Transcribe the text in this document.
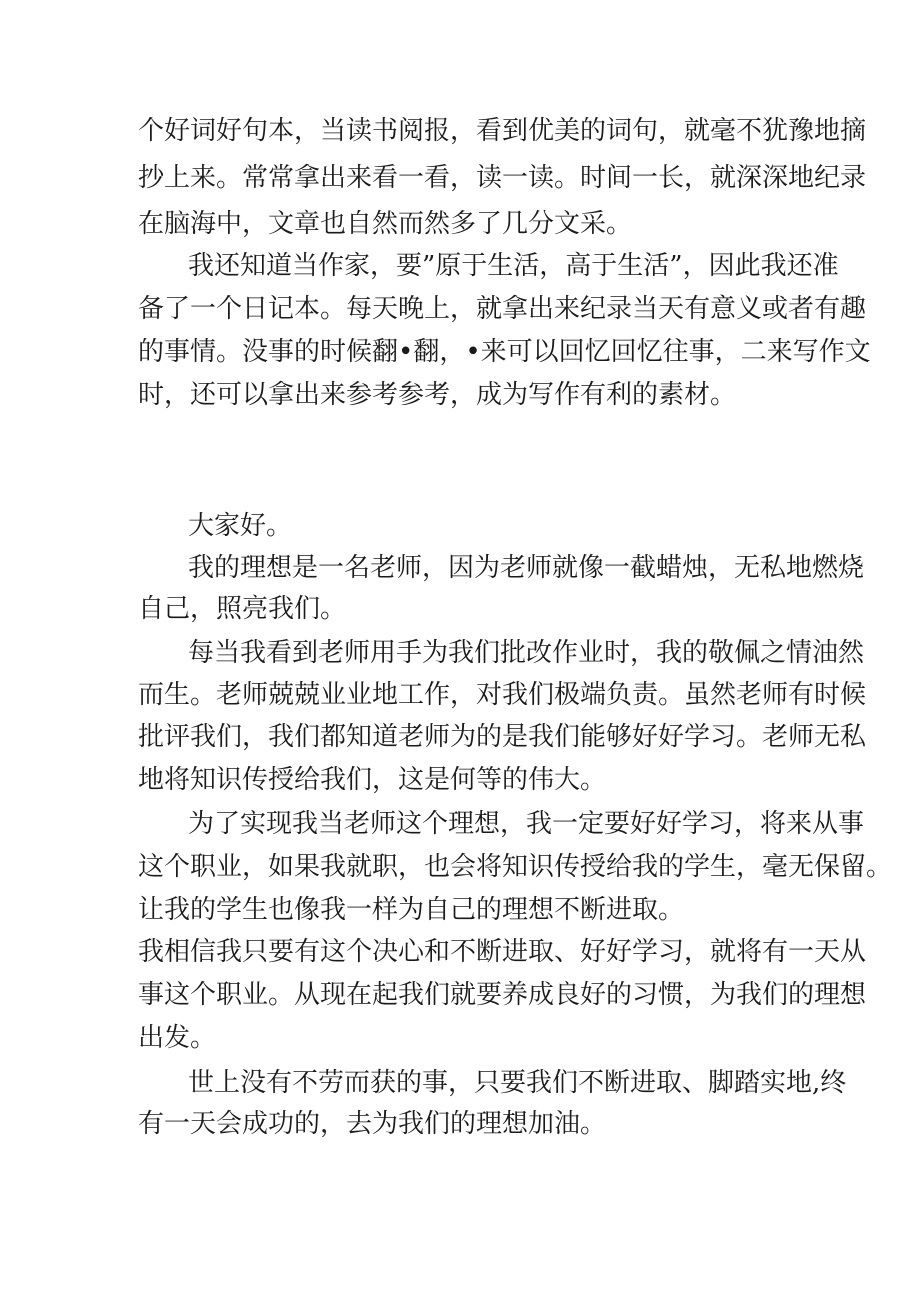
个好词好句本，当读书阅报，看到优美的词句，就毫不犹豫地摘
抄上来。常常拿出来看一看，读一读。时间一长，就深深地纪录
在脑海中，文章也自然而然多了几分文采。
我还知道当作家，要”原于生活，高于生活”，因此我还准
备了一个日记本。每天晚上，就拿出来纪录当天有意义或者有趣
的事情。没事的时候翻•翻，•来可以回忆回忆往事，二来写作文
时，还可以拿出来参考参考，成为写作有利的素材。
大家好。
我的理想是一名老师，因为老师就像一截蜡烛，无私地燃烧
自己，照亮我们。
每当我看到老师用手为我们批改作业时，我的敬佩之情油然
而生。老师兢兢业业地工作，对我们极端负责。虽然老师有时候
批评我们，我们都知道老师为的是我们能够好好学习。老师无私
地将知识传授给我们，这是何等的伟大。
为了实现我当老师这个理想，我一定要好好学习，将来从事
这个职业，如果我就职，也会将知识传授给我的学生，毫无保留。
让我的学生也像我一样为自己的理想不断进取。
我相信我只要有这个决心和不断进取、好好学习，就将有一天从
事这个职业。从现在起我们就要养成良好的习惯，为我们的理想
出发。
世上没有不劳而获的事，只要我们不断进取、脚踏实地,终
有一天会成功的，去为我们的理想加油。
